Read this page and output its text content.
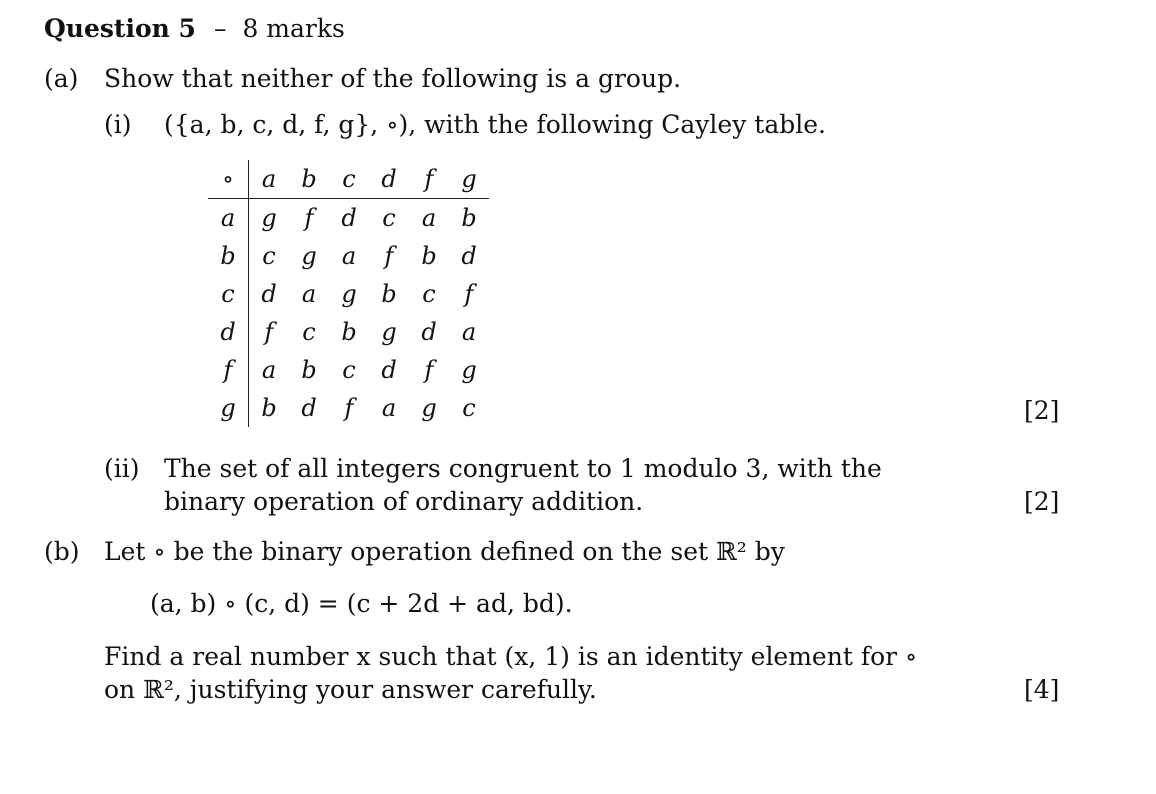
Question 5 – 8 marks
(a) Show that neither of the following is a group.
(i) ({a, b, c, d, f, g}, ∘), with the following Cayley table.
∘	a	b	c	d	f	g
a	g	f	d	c	a	b
b	c	g	a	f	b	d
c	d	a	g	b	c	f
d	f	c	b	g	d	a
f	a	b	c	d	f	g
g	b	d	f	a	g	c	[2]
(ii) The set of all integers congruent to 1 modulo 3, with the
binary operation of ordinary addition.	[2]
(b) Let ∘ be the binary operation defined on the set ℝ² by
(a, b) ∘ (c, d) = (c + 2d + ad, bd).
Find a real number x such that (x, 1) is an identity element for ∘
on ℝ², justifying your answer carefully.	[4]
